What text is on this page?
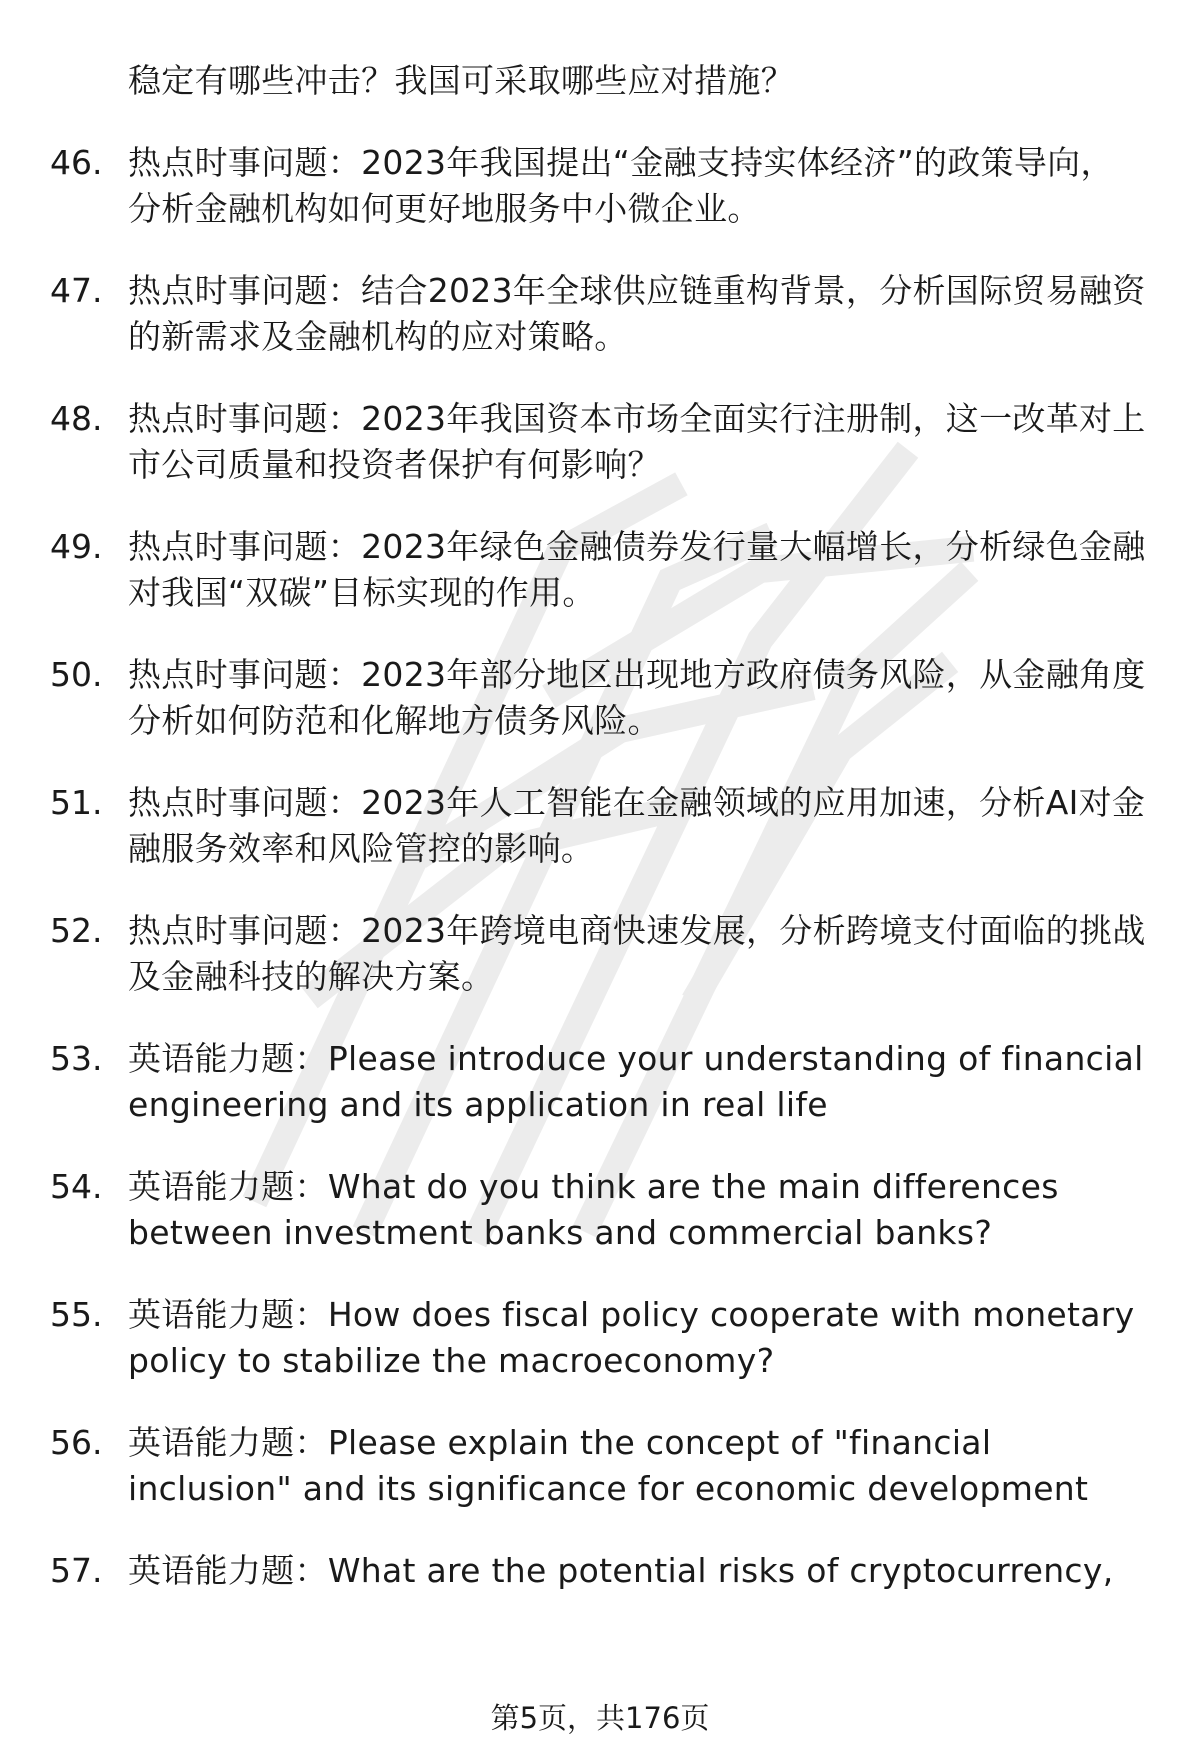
稳定有哪些冲击？我国可采取哪些应对措施？

46. 热点时事问题：2023年我国提出“金融支持实体经济”的政策导向，分析金融机构如何更好地服务中小微企业。
47. 热点时事问题：结合2023年全球供应链重构背景，分析国际贸易融资的新需求及金融机构的应对策略。
48. 热点时事问题：2023年我国资本市场全面实行注册制，这一改革对上市公司质量和投资者保护有何影响？
49. 热点时事问题：2023年绿色金融债券发行量大幅增长，分析绿色金融对我国“双碳”目标实现的作用。
50. 热点时事问题：2023年部分地区出现地方政府债务风险，从金融角度分析如何防范和化解地方债务风险。
51. 热点时事问题：2023年人工智能在金融领域的应用加速，分析AI对金融服务效率和风险管控的影响。
52. 热点时事问题：2023年跨境电商快速发展，分析跨境支付面临的挑战及金融科技的解决方案。
53. 英语能力题：Please introduce your understanding of financial engineering and its application in real life
54. 英语能力题：What do you think are the main differences between investment banks and commercial banks?
55. 英语能力题：How does fiscal policy cooperate with monetary policy to stabilize the macroeconomy?
56. 英语能力题：Please explain the concept of "financial inclusion" and its significance for economic development
57. 英语能力题：What are the potential risks of cryptocurrency,
第5页，共176页
